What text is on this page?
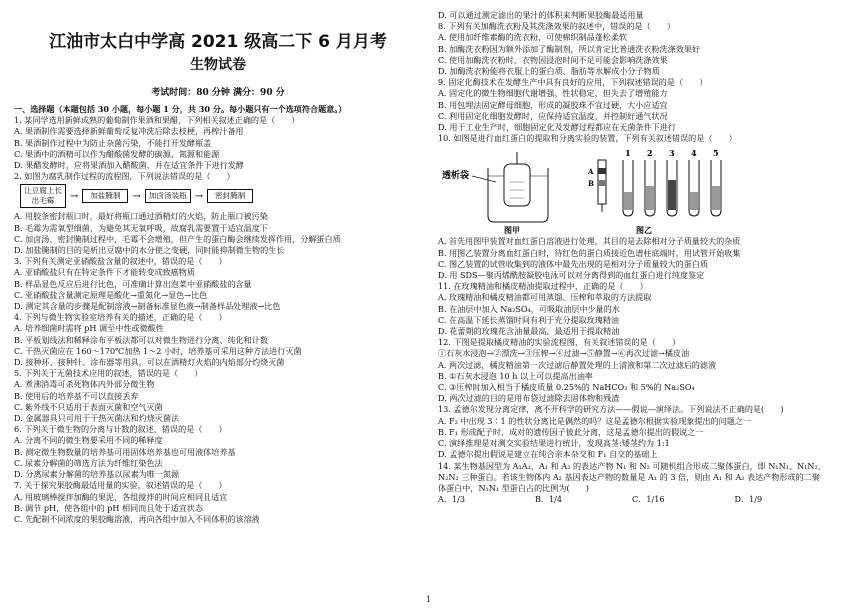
江油市太白中学高 2021 级高二下 6 月月考
生物试卷
考试时间：80 分钟 满分：90 分
一、选择题（本题包括 30 小题，每小题 1 分，共 30 分。每小题只有一个选项符合题意。）
1. 某同学选用新鲜成熟的葡萄制作果酒和果醋，下列相关叙述正确的是（　　）
A. 果酒制作需要选择新鲜葡萄反复冲洗后除去枝梗，再榨汁备用
B. 果酒制作过程中为防止杂菌污染，不能打开发酵瓶盖
C. 果酒中的酒精可以作为醋酸菌发酵的碳源、氮源和能源
D. 果醋发酵时，应将果酒加入醋酸菌，并在适宜条件下进行发酵
2. 如图为腐乳制作过程的流程图，下列说法错误的是（　　）
让豆腐上长出毛霉	→	加盐腌制	→	加卤汤装瓶 →	密封腌制
A. 用胶条密封瓶口时，最好将瓶口通过酒精灯的火焰，防止瓶口被污染
B. 毛霉为需氧型细菌，为避免其无氧呼吸，故腐乳需要置于适宜温度下
C. 加卤汤、密封腌制过程中，毛霉不会增殖，但产生的蛋白酶会继续发挥作用，分解蛋白质
D. 加盐腌制的目的是析出豆腐中的水分使之变硬，同时能抑制微生物的生长
3. 下列有关测定亚硝酸盐含量的叙述中，错误的是（　　）
A. 亚硝酸盐只有在特定条件下才能转变成致癌物质
B. 样品显色反应后进行比色，可准确计算出泡菜中亚硝酸盐的含量
C. 亚硝酸盐含量测定原理是酸化→重氮化→显色→比色
D. 测定其含量的步骤是配制溶液→制备标准显色液→制备样品处理液→比色
4. 下列与微生物实验室培养有关的描述，正确的是（　　）
A. 培养细菌时需将 pH 调至中性或微酸性
B. 平板划线法和稀释涂布平板法都可以对微生物进行分离、纯化和计数
C. 干热灭菌应在 160～170℃加热 1～2 小时，培养基可采用这种方法进行灭菌
D. 接种环、接种针、涂布器等用具，可以在酒精灯火焰的内焰部分灼烧灭菌
5. 下列关于无菌技术应用的叙述，错误的是（　　）
A. 煮沸消毒可杀死物体内外部分微生物
B. 使用后的培养基不可以直接丢弃
C. 紫外线不只适用于表面灭菌和空气灭菌
D. 金属器具只可用于干热灭菌法和灼烧灭菌法
6. 下列关于微生物的分离与计数的叙述，错误的是（　　）
A. 分离不同的微生物要采用不同的稀释度
B. 测定微生物数量的培养基可用固体培养基也可用液体培养基
C. 尿素分解菌的筛选方法为纤维红染色法
D. 分离尿素分解菌的培养基以尿素为唯一氮源
7. 关于探究果胶酶最适用量的实验，叙述错误的是（　　）
A. 用玻璃棒搅拌加酶的果泥，各组搅拌的时间应相同且适宜
B. 调节 pH，使各组中的 pH 相同而且处于适宜状态
C. 先配制不同浓度的果胶酶溶液，再向各组中加入不同体积的该溶液
D. 可以通过测定滤出的果汁的体积来判断果胶酶最适用量
8. 下列有关加酶洗衣粉及其洗涤效果的叙述中，错误的是（　　）
A. 使用加纤维素酶的洗衣粉，可使棉织制品蓬松柔软
B. 加酶洗衣粉因为额外添加了酶制剂，所以肯定比普通洗衣粉洗涤效果好
C. 使用加酶洗衣粉时，衣物因浸泡时间不足可能会影响洗涤效果
D. 加酶洗衣粉能将衣服上的蛋白质、脂肪等水解成小分子物质
9. 固定化酶技术在发酵生产中具有良好的应用，下列叙述错误的是（　　）
A. 固定化的微生物细胞代谢增强、性状稳定，但失去了增殖能力
B. 用包埋法固定酵母细胞，形成的凝胶珠不宜过硬，大小应适宜
C. 利用固定化细胞发酵时，应保持适宜温度，并控制好通气状况
D. 用于工业生产时，细胞固定化及发酵过程都应在无菌条件下进行
10. 如图是进行血红蛋白的提取和分离实验的装置，下列有关叙述错误的是（　　）
透析袋
图甲
A
B
1 2 3 4 5
图乙
A. 首先用图甲装置对血红蛋白溶液进行处理，其目的是去除相对分子质量较大的杂质
B. 用图乙装置分离血红蛋白时，待红色的蛋白质接近色谱柱底端时，用试管开始收集
C. 图乙装置的试管收集到的液体中最先出现的是相对分子质量较大的蛋白质
D. 用 SDS—聚丙烯酰胺凝胶电泳可以对分离得到的血红蛋白进行纯度鉴定
11. 在玫瑰精油和橘皮精油提取过程中，正确的是（　　）
A. 玫瑰精油和橘皮精油都可用蒸馏、压榨和萃取的方法提取
B. 在油层中加入 Na₂SO₄，可吸取油层中少量的水
C. 在高温下延长蒸馏时间有利于充分提取玫瑰精油
D. 花蕾期的玫瑰花含油量最高，最适用于提取精油
12. 下图是提取橘皮精油的实验流程图，有关叙述错误的是（　　）
①石灰水浸泡→②漂洗→③压榨→④过滤→⑤静置→⑥再次过滤→橘皮油
A. 两次过滤，橘皮精油第一次过滤后静置处理的上清液和第二次过滤后的滤液
B. ①石灰水浸泡 10 h 以上可以提高出油率
C. ③压榨时加入相当于橘皮质量 0.25%的 NaHCO₃ 和 5%的 Na₂SO₄
D. 两次过滤的目的是用布袋过滤除去固体物和残渣
13. 孟德尔发现分离定律，离不开科学的研究方法——假说—演绎法。下列说法不正确的是(　　)
A. F₂ 中出现 3∶1 的性状分离比是偶然的吗？这是孟德尔根据实验现象提出的问题之一
B. F₁ 形成配子时，成对的遗传因子彼此分离，这是孟德尔提出的假说之一
C. 演绎推理是对测交实验结果进行统计，发现高茎:矮茎约为 1:1
D. 孟德尔提出假说是建立在纯合亲本杂交和 F₁ 自交的基础上
14. 某生物基因型为 A₁A₂，A₁ 和 A₂ 的表达产物 N₁ 和 N₂ 可随机组合形成二聚体蛋白，即 N₁N₁、N₁N₂、
N₂N₂ 三种蛋白。若该生物体内 A₂ 基因表达产物的数量是 A₁ 的 3 倍，则由 A₁ 和 A₂ 表达产物形成的二聚
体蛋白中，N₁N₁ 型蛋白占的比例为(　　)
A．1/3	B．1/4	C．1/16	D．1/9
1
